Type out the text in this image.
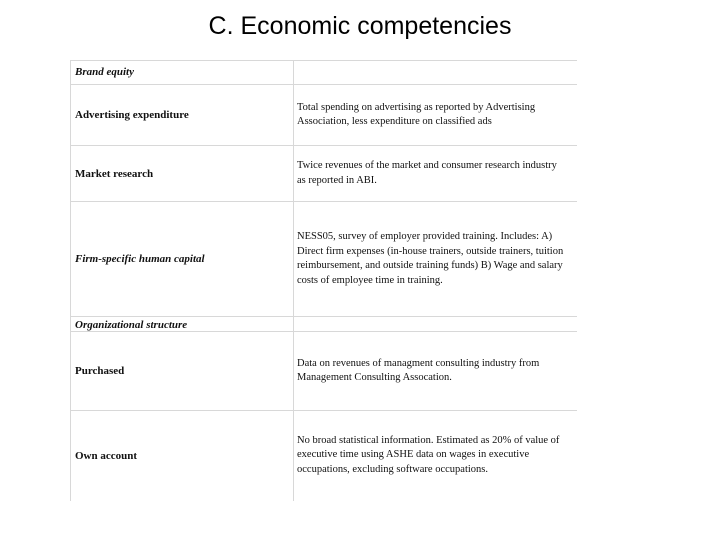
C. Economic competencies
Brand equity
Advertising expenditure
Total spending on advertising as reported by Advertising Association, less expenditure on classified ads
Market research
Twice revenues of the market and consumer research industry as reported in ABI.
Firm-specific human capital
NESS05, survey of employer provided training. Includes: A) Direct firm expenses (in-house trainers, outside trainers, tuition reimbursement, and outside training funds) B) Wage and salary costs of employee time in training.
Organizational structure
Purchased
Data on revenues of managment consulting industry from Management Consulting Assocation.
Own account
No broad statistical information. Estimated as 20% of value of executive time using ASHE data on wages in executive occupations, excluding software occupations.
